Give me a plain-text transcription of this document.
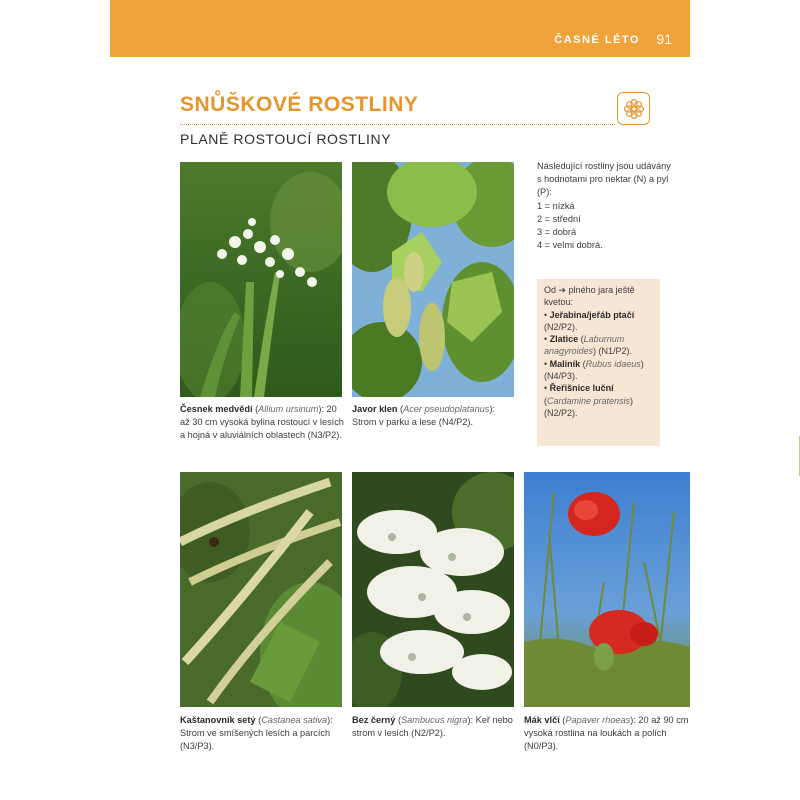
ČASNÉ LÉTO 91
SNŮŠKOVÉ ROSTLINY
PLANĚ ROSTOUCÍ ROSTLINY
Česnek medvědí (Allium ursinum): 20 až 30 cm vysoká bylina rostoucí v lesích a hojná v aluviálních oblastech (N3/P2).
Javor klen (Acer pseudoplatanus): Strom v parku a lese (N4/P2).
Následující rostliny jsou udávány s hodnotami pro nektar (N) a pyl (P):
1 = nízká
2 = střední
3 = dobrá
4 = velmi dobrá.
Od ➜ plného jara ještě kvetou:
• Jeřabina/jeřáb ptačí (N2/P2).
• Zlatice (Laburnum anagyroides) (N1/P2).
• Maliník (Rubus idaeus) (N4/P3).
• Řeřišnice luční (Cardamine pratensis) (N2/P2).
Kaštanovník setý (Castanea sativa): Strom ve smíšených lesích a parcích (N3/P3).
Bez černý (Sambucus nigra): Keř nebo strom v lesích (N2/P2).
Mák vlčí (Papaver rhoeas): 20 až 90 cm vysoká rostlina na loukách a polích (N0/P3).
